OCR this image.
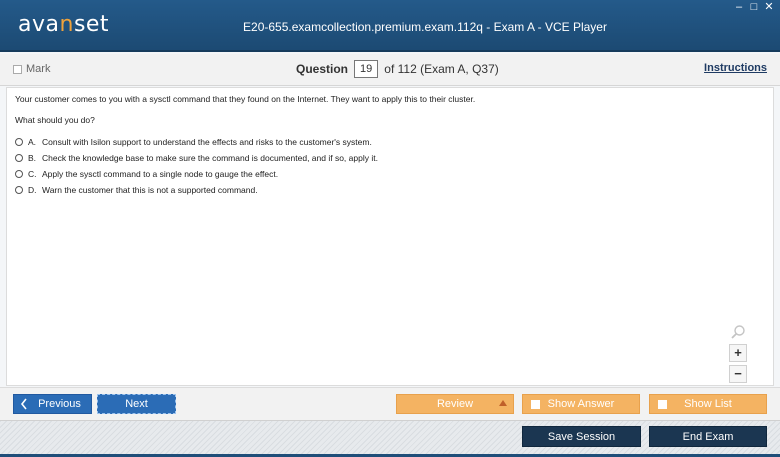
avanset	E20-655.examcollection.premium.exam.112q - Exam A - VCE Player
– □ ✕
Mark	Question	19	of 112 (Exam A, Q37)	Instructions
Your customer comes to you with a sysctl command that they found on the Internet. They want to apply this to their cluster.
What should you do?
A. Consult with Isilon support to understand the effects and risks to the customer's system.
B. Check the knowledge base to make sure the command is documented, and if so, apply it.
C. Apply the sysctl command to a single node to gauge the effect.
D. Warn the customer that this is not a supported command.
+
−
Previous	Next	Review	Show Answer	Show List
Save Session	End Exam
